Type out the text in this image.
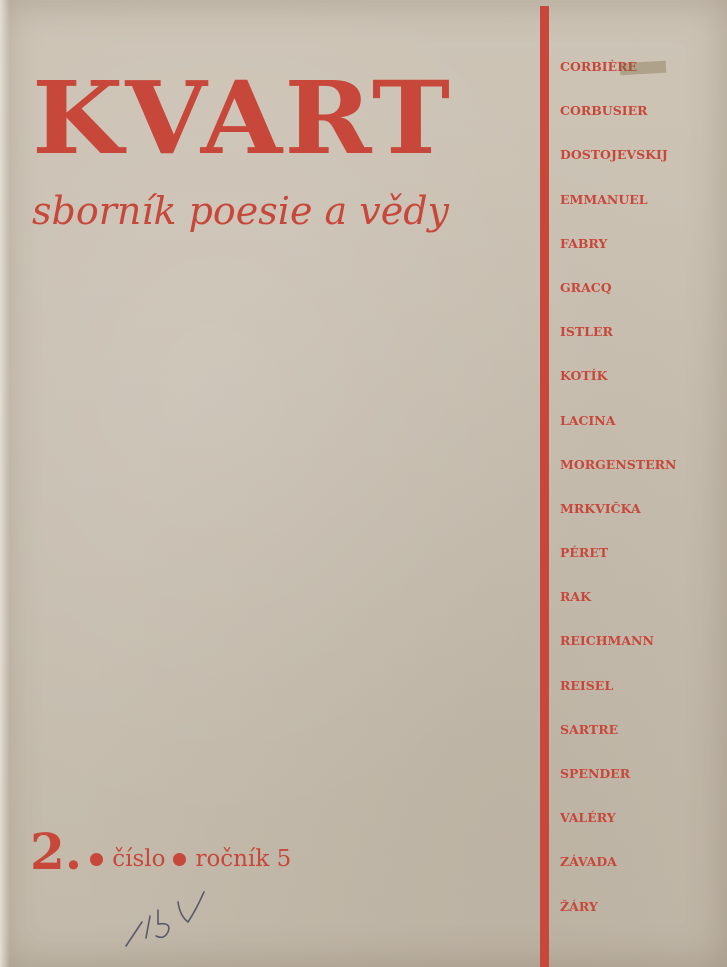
KVART
sborník poesie a vědy
CORBIÈRE
CORBUSIER
DOSTOJEVSKIJ
EMMANUEL
FABRY
GRACQ
ISTLER
KOTÍK
LACINA
MORGENSTERN
MRKVIČKA
PÉRET
RAK
REICHMANN
REISEL
SARTRE
SPENDER
VALÉRY
ZÁVADA
ŽÁRY
2. číslo ročník 5
